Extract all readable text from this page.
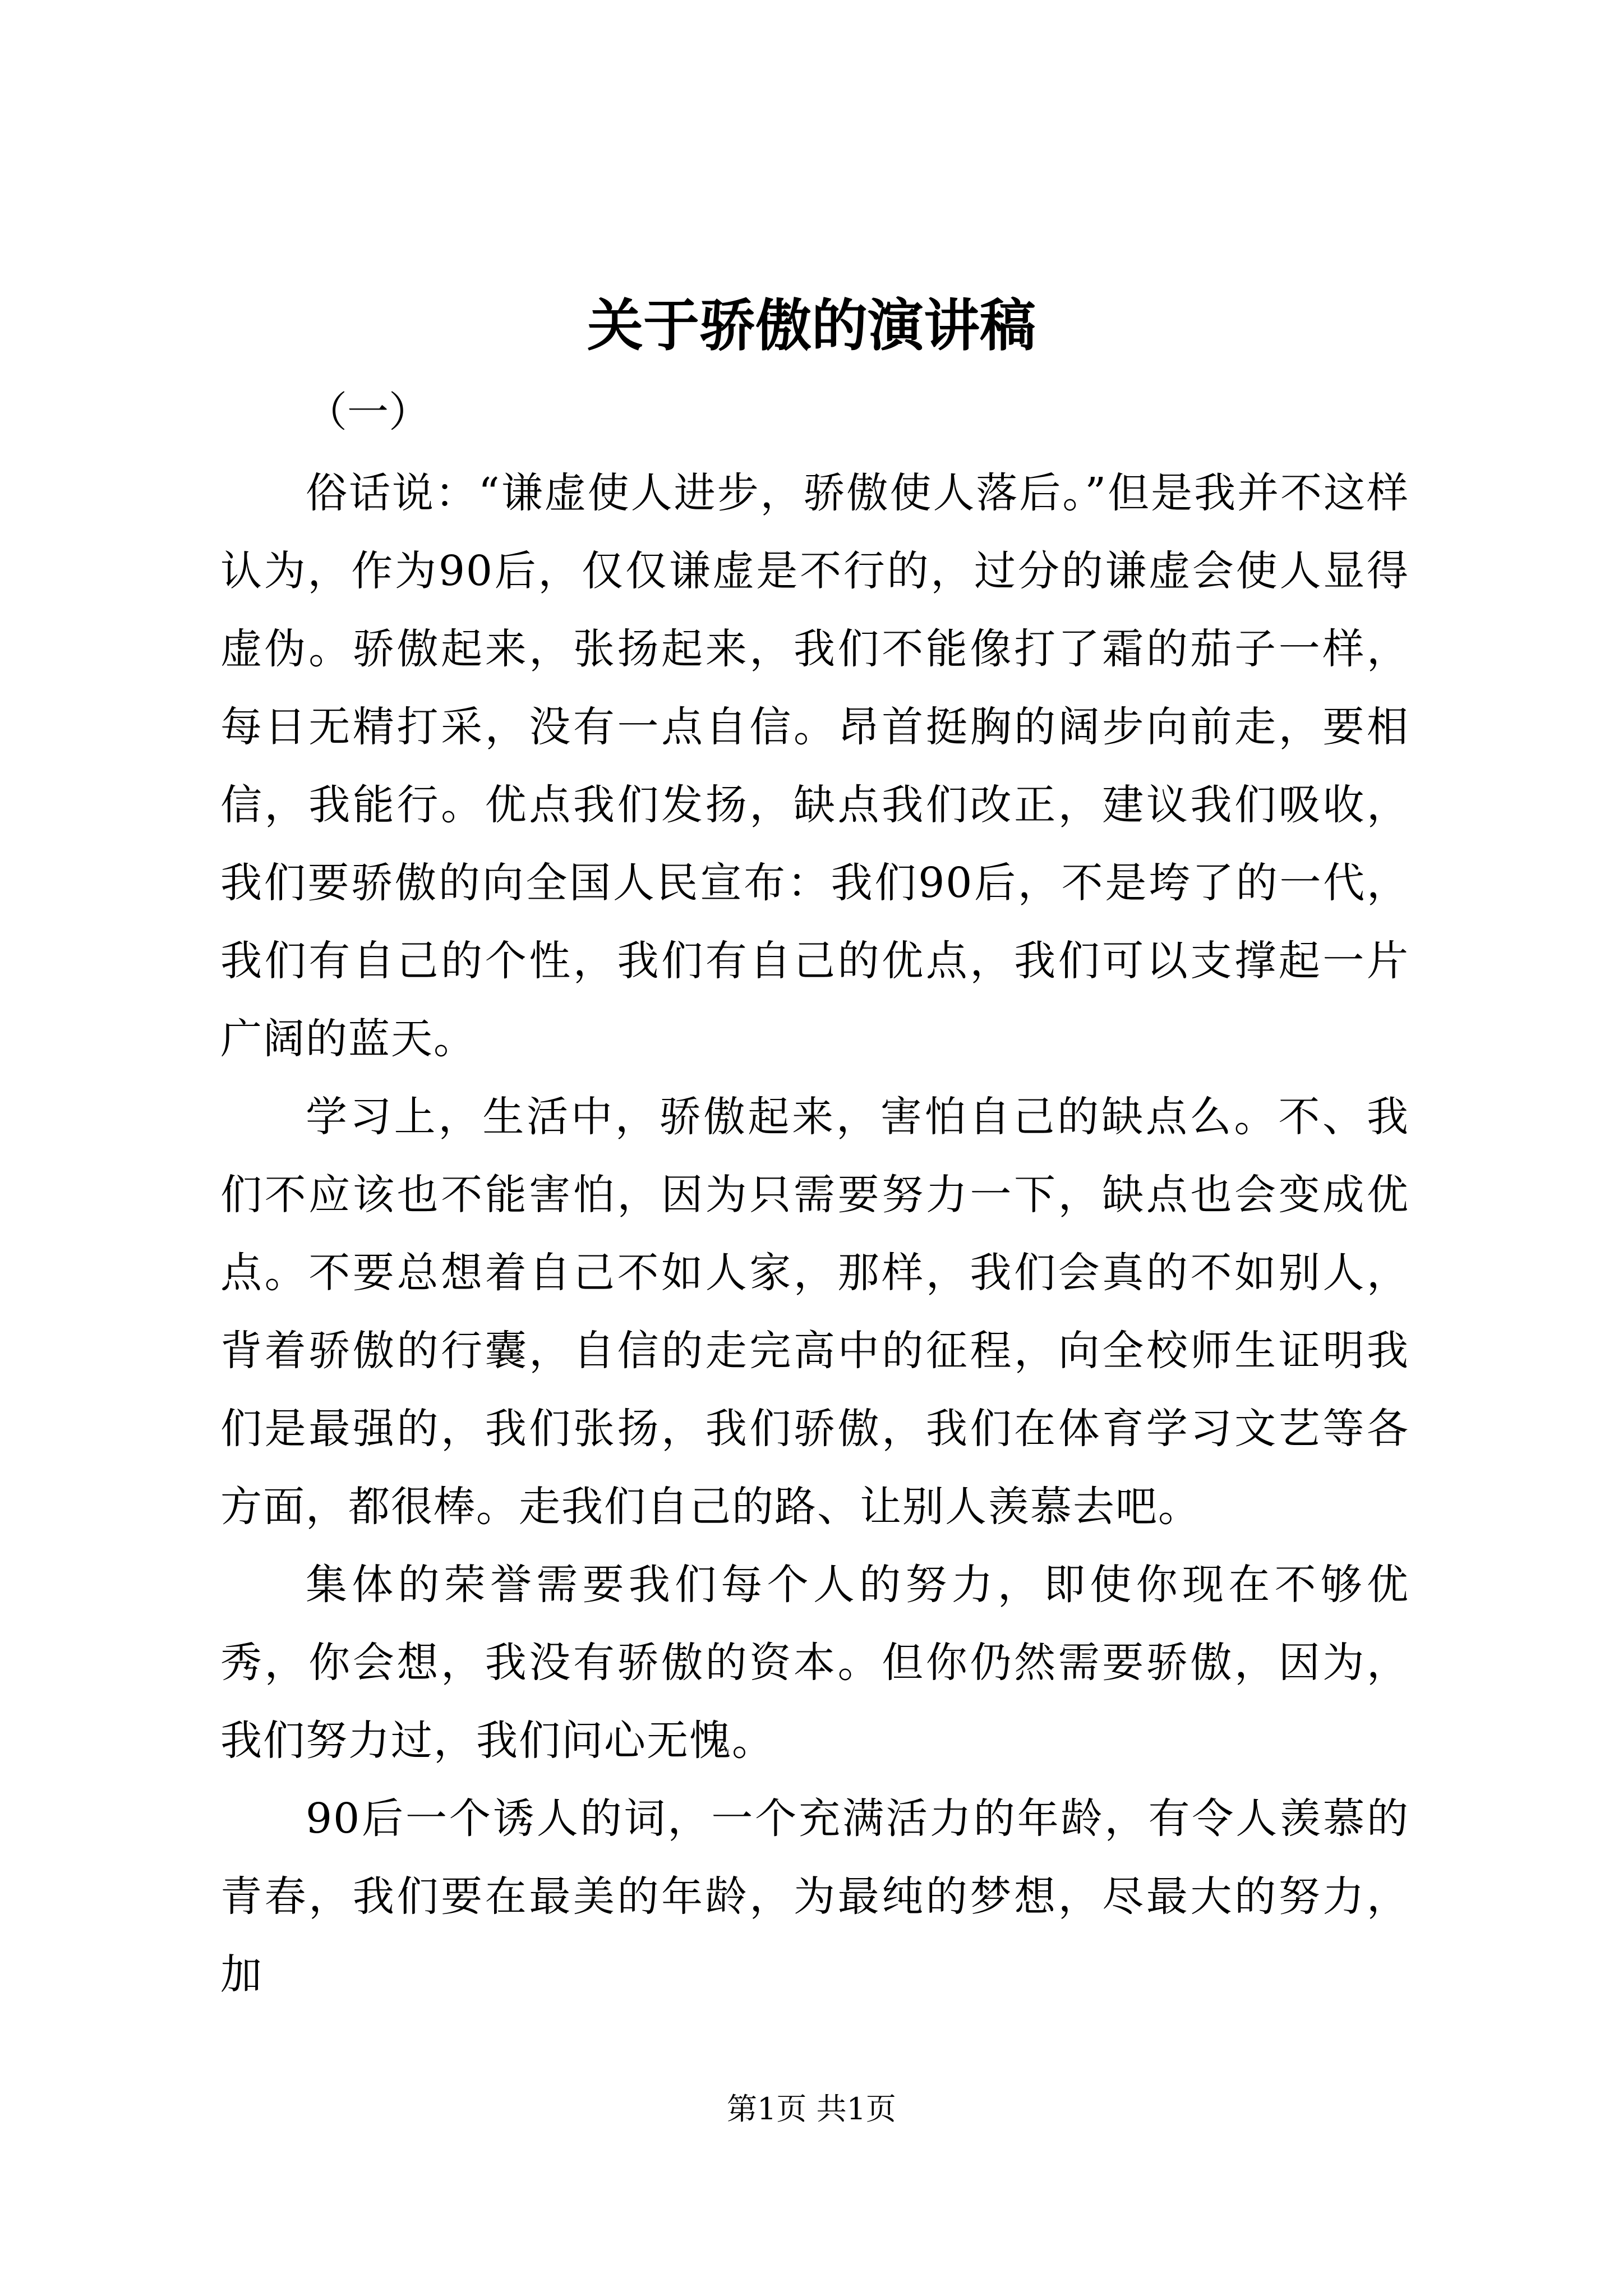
关于骄傲的演讲稿

（一）

俗话说：“谦虚使人进步，骄傲使人落后。”但是我并不这样认为，作为90后，仅仅谦虚是不行的，过分的谦虚会使人显得虚伪。骄傲起来，张扬起来，我们不能像打了霜的茄子一样，每日无精打采，没有一点自信。昂首挺胸的阔步向前走，要相信，我能行。优点我们发扬，缺点我们改正，建议我们吸收，我们要骄傲的向全国人民宣布：我们90后，不是垮了的一代，我们有自己的个性，我们有自己的优点，我们可以支撑起一片广阔的蓝天。

学习上，生活中，骄傲起来，害怕自己的缺点么。不、我们不应该也不能害怕，因为只需要努力一下，缺点也会变成优点。不要总想着自己不如人家，那样，我们会真的不如别人，背着骄傲的行囊，自信的走完高中的征程，向全校师生证明我们是最强的，我们张扬，我们骄傲，我们在体育学习文艺等各方面，都很棒。走我们自己的路、让别人羡慕去吧。

集体的荣誉需要我们每个人的努力，即使你现在不够优秀，你会想，我没有骄傲的资本。但你仍然需要骄傲，因为，我们努力过，我们问心无愧。

90后一个诱人的词，一个充满活力的年龄，有令人羡慕的青春，我们要在最美的年龄，为最纯的梦想，尽最大的努力，加

第1页 共1页
